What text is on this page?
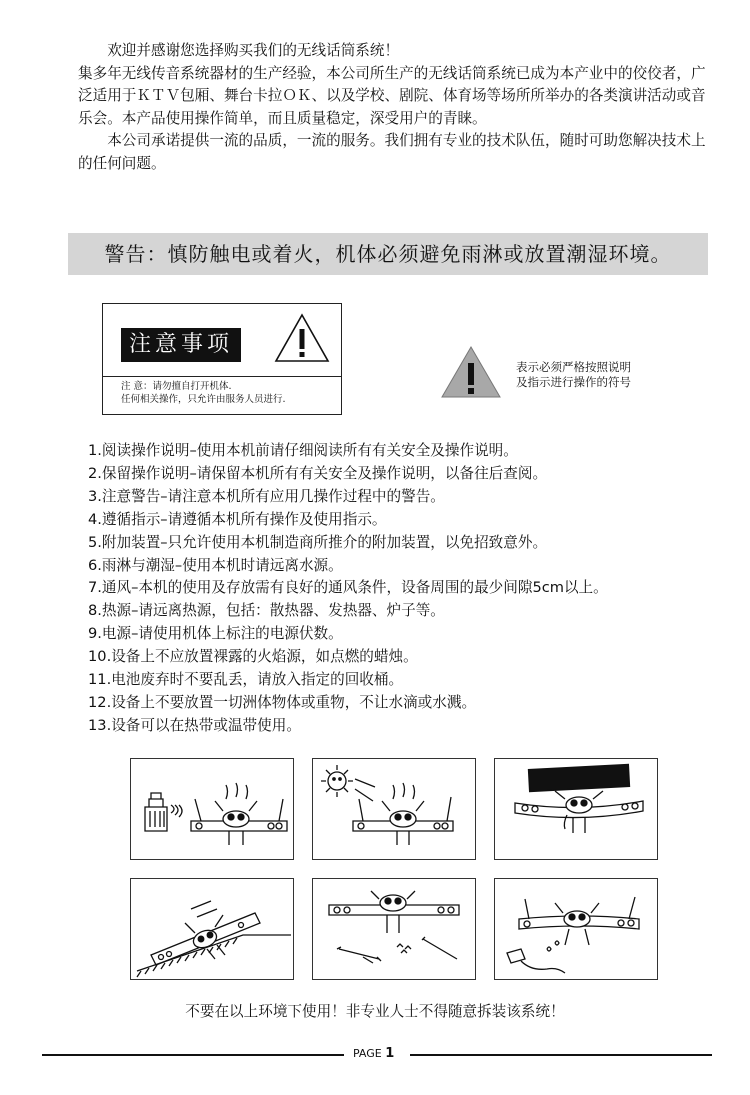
欢迎并感谢您选择购买我们的无线话筒系统！

集多年无线传音系统器材的生产经验，本公司所生产的无线话筒系统已成为本产业中的佼佼者，广泛适用于ＫＴＶ包厢、舞台卡拉ＯＫ、以及学校、剧院、体育场等场所所举办的各类演讲活动或音乐会。本产品使用操作简单，而且质量稳定，深受用户的青睐。

本公司承诺提供一流的品质，一流的服务。我们拥有专业的技术队伍，随时可助您解决技术上的任何问题。

警告：慎防触电或着火，机体必须避免雨淋或放置潮湿环境。
注意事项
注 意：请勿擅自打开机体.
任何相关操作，只允许由服务人员进行.
表示必须严格按照说明
及指示进行操作的符号
1.阅读操作说明–使用本机前请仔细阅读所有有关安全及操作说明。
2.保留操作说明–请保留本机所有有关安全及操作说明，以备往后查阅。
3.注意警告–请注意本机所有应用几操作过程中的警告。
4.遵循指示–请遵循本机所有操作及使用指示。
5.附加装置–只允许使用本机制造商所推介的附加装置，以免招致意外。
6.雨淋与潮湿–使用本机时请远离水源。
7.通风–本机的使用及存放需有良好的通风条件，设备周围的最少间隙5cm以上。
8.热源–请远离热源，包括：散热器、发热器、炉子等。
9.电源–请使用机体上标注的电源伏数。
10.设备上不应放置裸露的火焰源，如点燃的蜡烛。
11.电池废弃时不要乱丢，请放入指定的回收桶。
12.设备上不要放置一切洲体物体或重物，不让水滴或水溅。
13.设备可以在热带或温带使用。
不要在以上环境下使用！非专业人士不得随意拆装该系统！
PAGE 1
